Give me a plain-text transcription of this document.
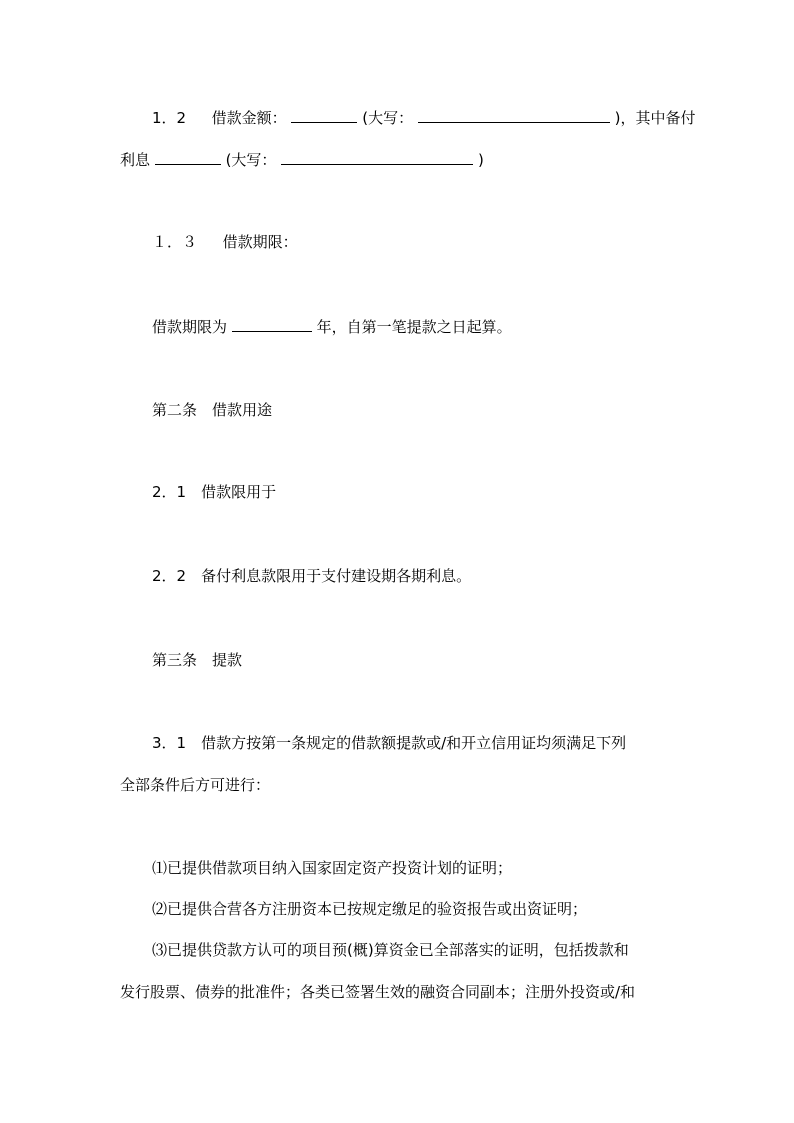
1．2 借款金额：	(大写：	)，其中备付
利息	(大写：	)
１．３ 借款期限：
借款期限为	年，自第一笔提款之日起算。
第二条　借款用途
2．1　借款限用于
2．2　备付利息款限用于支付建设期各期利息。
第三条　提款
3．1　借款方按第一条规定的借款额提款或/和开立信用证均须满足下列
全部条件后方可进行：
⑴已提供借款项目纳入国家固定资产投资计划的证明；
⑵已提供合营各方注册资本已按规定缴足的验资报告或出资证明；
⑶已提供贷款方认可的项目预(概)算资金已全部落实的证明，包括拨款和
发行股票、债券的批准件；各类已签署生效的融资合同副本；注册外投资或/和
